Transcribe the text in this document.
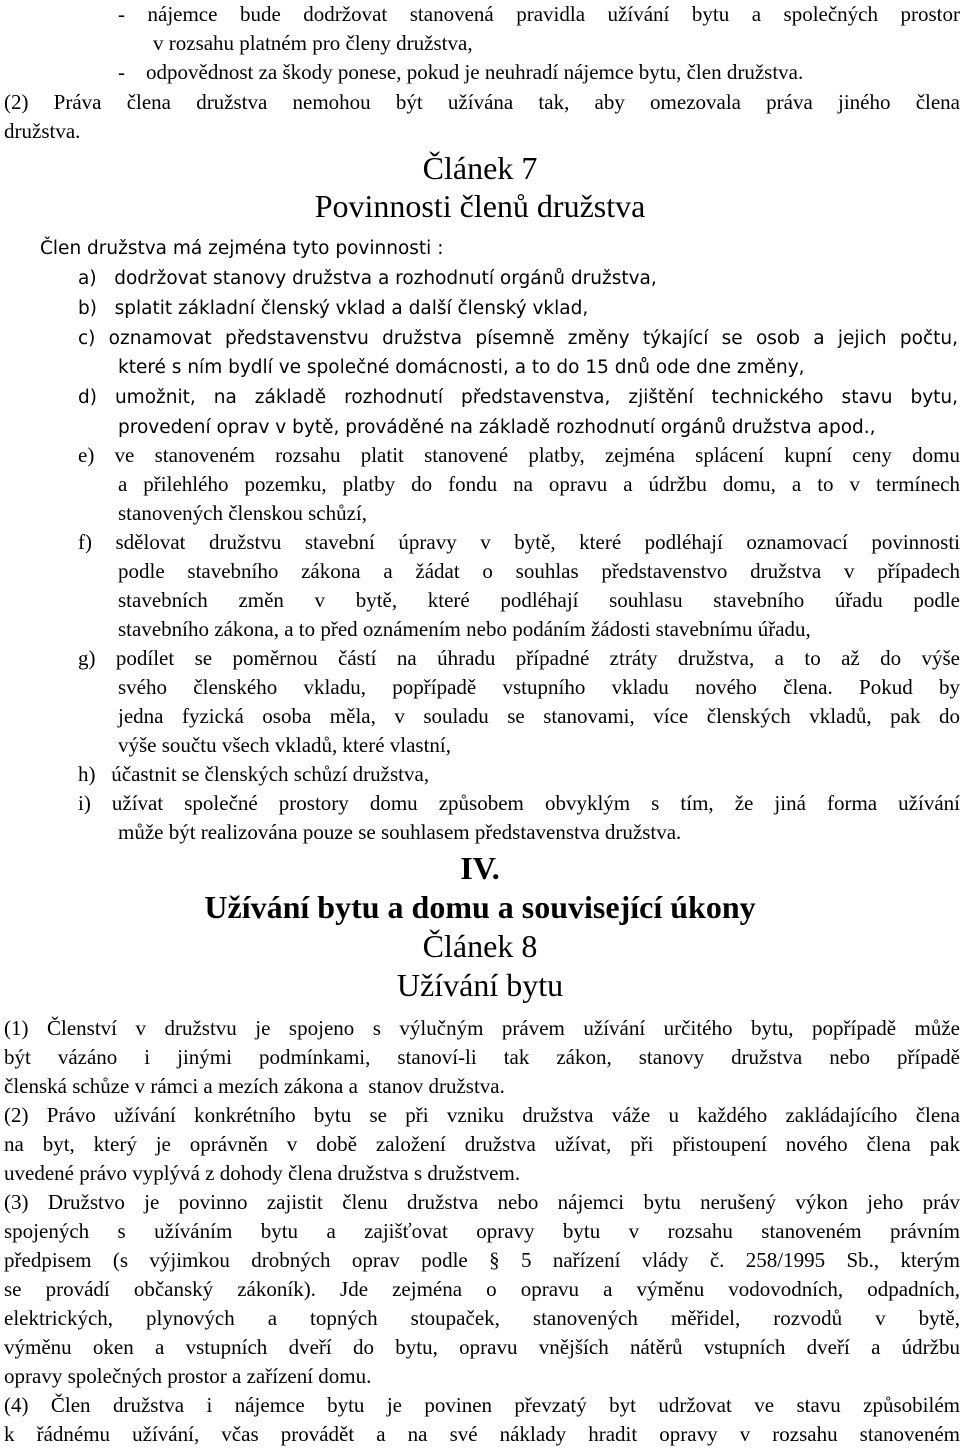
- nájemce bude dodržovat stanovená pravidla užívání bytu a společných prostor
v rozsahu platném pro členy družstva,
-    odpovědnost za škody ponese, pokud je neuhradí nájemce bytu, člen družstva.
(2) Práva člena družstva nemohou být užívána tak, aby omezovala práva jiného člena
družstva.
Člen družstva má zejména tyto povinnosti :
a)   dodržovat stanovy družstva a rozhodnutí orgánů družstva,
b)   splatit základní členský vklad a další členský vklad,
c) oznamovat představenstvu družstva písemně změny týkající se osob a jejich počtu,
které s ním bydlí ve společné domácnosti, a to do 15 dnů ode dne změny,
d) umožnit, na základě rozhodnutí představenstva, zjištění technického stavu bytu,
provedení oprav v bytě, prováděné na základě rozhodnutí orgánů družstva apod.,
e) ve stanoveném rozsahu platit stanovené platby, zejména splácení kupní ceny domu
a přilehlého pozemku, platby do fondu na opravu a údržbu domu, a to v termínech
stanovených členskou schůzí,
f) sdělovat družstvu stavební úpravy v bytě, které podléhají oznamovací povinnosti
podle stavebního zákona a žádat o souhlas představenstvo družstva v případech
stavebních změn v bytě, které podléhají souhlasu stavebního úřadu podle
stavebního zákona, a to před oznámením nebo podáním žádosti stavebnímu úřadu,
g) podílet se poměrnou částí na úhradu případné ztráty družstva, a to až do výše
svého členského vkladu, popřípadě vstupního vkladu nového člena. Pokud by
jedna fyzická osoba měla, v souladu se stanovami, více členských vkladů, pak do
výše součtu všech vkladů, které vlastní,
h)   účastnit se členských schůzí družstva,
i) užívat společné prostory domu způsobem obvyklým s tím, že jiná forma užívání
může být realizována pouze se souhlasem představenstva družstva.
(1) Členství v družstvu je spojeno s výlučným právem užívání určitého bytu, popřípadě může
být vázáno i jinými podmínkami, stanoví-li tak zákon, stanovy družstva nebo případě
členská schůze v rámci a mezích zákona a  stanov družstva.
(2) Právo užívání konkrétního bytu se při vzniku družstva váže u každého zakládajícího člena
na byt, který je oprávněn v době založení družstva užívat, při přistoupení nového člena pak
uvedené právo vyplývá z dohody člena družstva s družstvem.
(3) Družstvo je povinno zajistit členu družstva nebo nájemci bytu nerušený výkon jeho práv
spojených s užíváním bytu a zajišťovat opravy bytu v rozsahu stanoveném právním
předpisem (s výjimkou drobných oprav podle § 5 nařízení vlády č. 258/1995 Sb., kterým
se provádí občanský zákoník). Jde zejména o opravu a výměnu vodovodních, odpadních,
elektrických, plynových a topných stoupaček, stanovených měřidel, rozvodů v bytě,
výměnu oken a vstupních dveří do bytu, opravu vnějších nátěrů vstupních dveří a údržbu
opravy společných prostor a zařízení domu.
(4) Člen družstva i nájemce bytu je povinen převzatý byt udržovat ve stavu způsobilém
k řádnému užívání, včas provádět a na své náklady hradit opravy v rozsahu stanoveném
Článek 7
Povinnosti členů družstva
IV.
Užívání bytu a domu a související úkony
Článek 8
Užívání bytu
